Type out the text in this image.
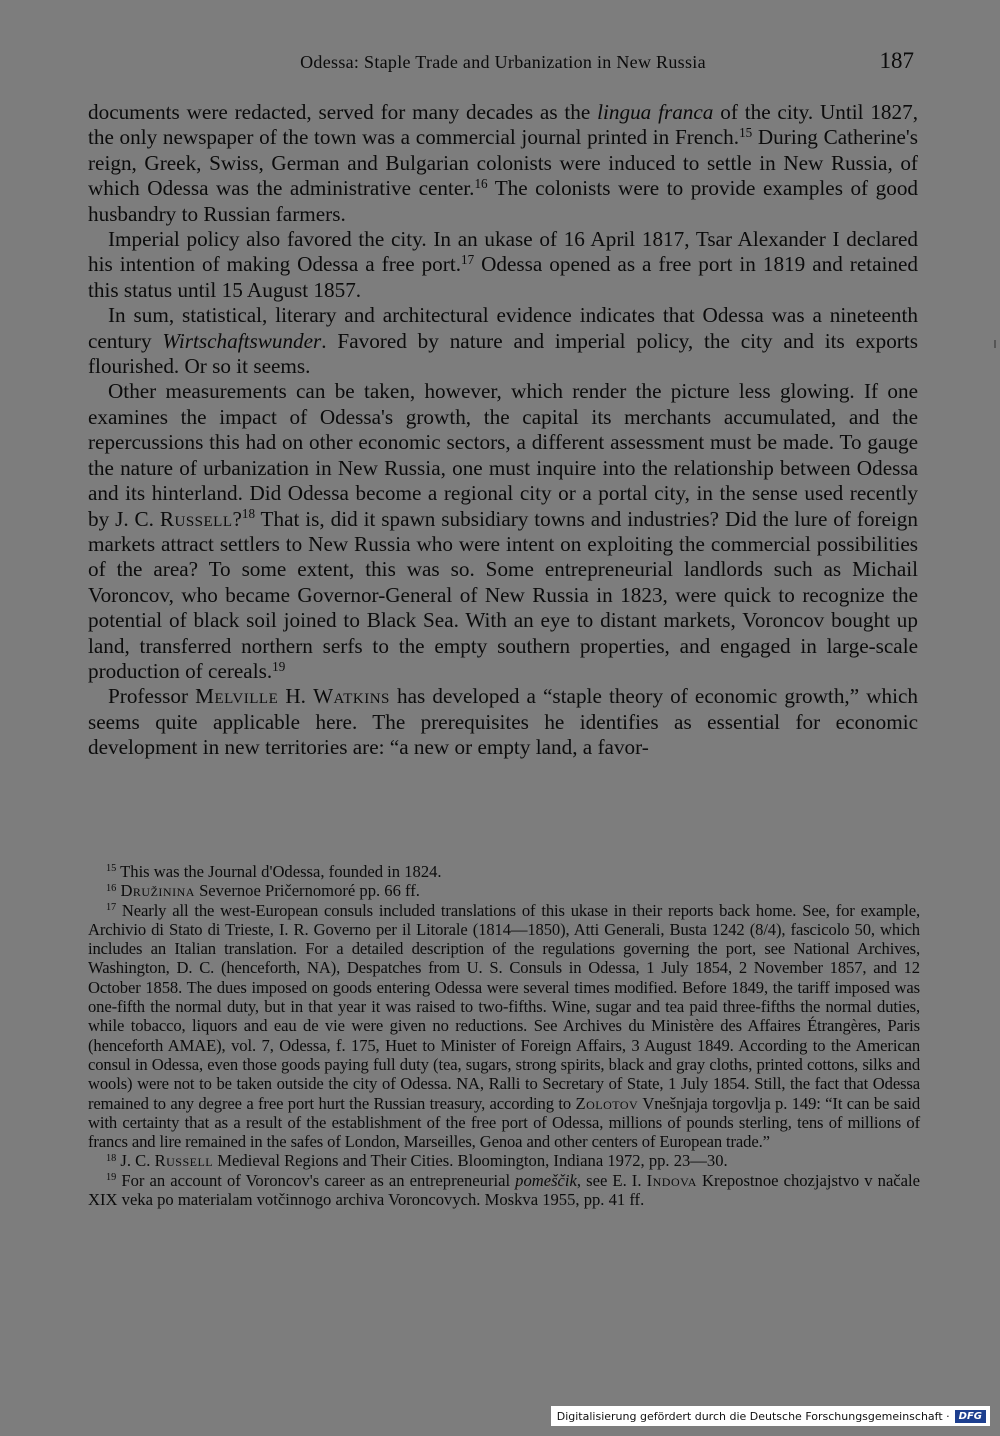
Odessa: Staple Trade and Urbanization in New Russia	187

documents were redacted, served for many decades as the lingua franca of the city. Until 1827, the only newspaper of the town was a commercial journal printed in French.$^{15}$ During Catherine's reign, Greek, Swiss, German and Bulgarian colonists were induced to settle in New Russia, of which Odessa was the administrative center.$^{16}$ The colonists were to provide examples of good husbandry to Russian farmers.

Imperial policy also favored the city. In an ukase of 16 April 1817, Tsar Alexander I declared his intention of making Odessa a free port.$^{17}$ Odessa opened as a free port in 1819 and retained this status until 15 August 1857.

In sum, statistical, literary and architectural evidence indicates that Odessa was a nineteenth century Wirtschaftswunder. Favored by nature and imperial policy, the city and its exports flourished. Or so it seems.

Other measurements can be taken, however, which render the picture less glowing. If one examines the impact of Odessa's growth, the capital its merchants accumulated, and the repercussions this had on other economic sectors, a different assessment must be made. To gauge the nature of urbanization in New Russia, one must inquire into the relationship between Odessa and its hinterland. Did Odessa become a regional city or a portal city, in the sense used recently by J. C. Russell?$^{18}$ That is, did it spawn subsidiary towns and industries? Did the lure of foreign markets attract settlers to New Russia who were intent on exploiting the commercial possibilities of the area? To some extent, this was so. Some entrepreneurial landlords such as Michail Voroncov, who became Governor-General of New Russia in 1823, were quick to recognize the potential of black soil joined to Black Sea. With an eye to distant markets, Voroncov bought up land, transferred northern serfs to the empty southern properties, and engaged in large-scale production of cereals.$^{19}$

Professor Melville H. Watkins has developed a “staple theory of economic growth,” which seems quite applicable here. The prerequisites he identifies as essential for economic development in new territories are: “a new or empty land, a favor-

$^{15}$ This was the Journal d'Odessa, founded in 1824.

$^{16}$ Družinina Severnoe Pričernomoré pp. 66 ff.

$^{17}$ Nearly all the west-European consuls included translations of this ukase in their reports back home. See, for example, Archivio di Stato di Trieste, I. R. Governo per il Litorale (1814—1850), Atti Generali, Busta 1242 (8/4), fascicolo 50, which includes an Italian translation. For a detailed description of the regulations governing the port, see National Archives, Washington, D. C. (henceforth, NA), Despatches from U. S. Consuls in Odessa, 1 July 1854, 2 November 1857, and 12 October 1858. The dues imposed on goods entering Odessa were several times modified. Before 1849, the tariff imposed was one-fifth the normal duty, but in that year it was raised to two-fifths. Wine, sugar and tea paid three-fifths the normal duties, while tobacco, liquors and eau de vie were given no reductions. See Archives du Ministère des Affaires Étrangères, Paris (henceforth AMAE), vol. 7, Odessa, f. 175, Huet to Minister of Foreign Affairs, 3 August 1849. According to the American consul in Odessa, even those goods paying full duty (tea, sugars, strong spirits, black and gray cloths, printed cottons, silks and wools) were not to be taken outside the city of Odessa. NA, Ralli to Secretary of State, 1 July 1854. Still, the fact that Odessa remained to any degree a free port hurt the Russian treasury, according to Zolotov Vnešnjaja torgovlja p. 149: “It can be said with certainty that as a result of the establishment of the free port of Odessa, millions of pounds sterling, tens of millions of francs and lire remained in the safes of London, Marseilles, Genoa and other centers of European trade.”

$^{18}$ J. C. Russell Medieval Regions and Their Cities. Bloomington, Indiana 1972, pp. 23—30.

$^{19}$ For an account of Voroncov's career as an entrepreneurial pomeščik, see E. I. Indova Krepostnoe chozjajstvo v načale XIX veka po materialam votčinnogo archiva Voroncovych. Moskva 1955, pp. 41 ff.

Digitalisierung gefördert durch die Deutsche Forschungsgemeinschaft · DFG
